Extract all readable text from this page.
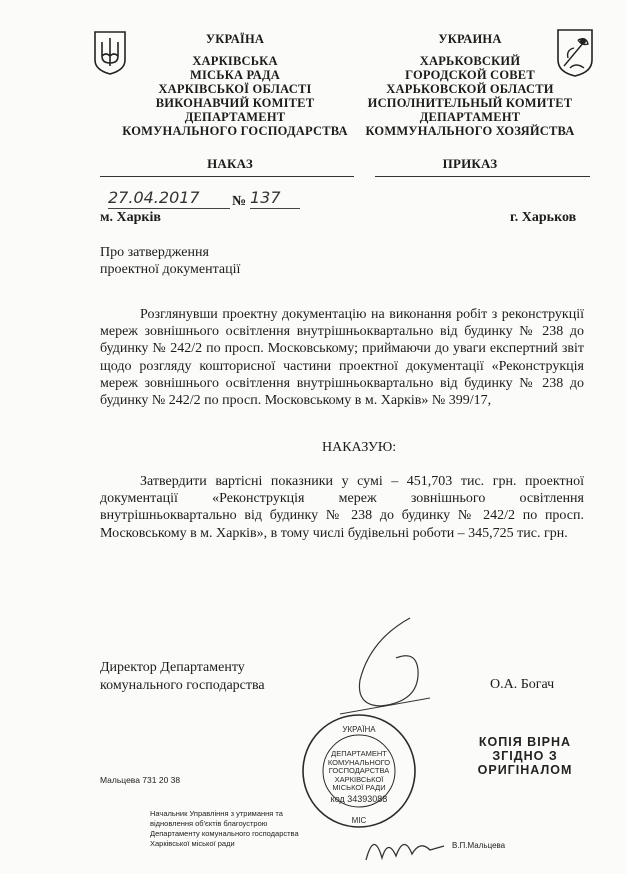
УКРАЇНА
ХАРКІВСЬКА
МІСЬКА РАДА
ХАРКІВСЬКОЇ ОБЛАСТІ
ВИКОНАВЧИЙ КОМІТЕТ
ДЕПАРТАМЕНТ
КОМУНАЛЬНОГО ГОСПОДАРСТВА
НАКАЗ
УКРАИНА
ХАРЬКОВСКИЙ
ГОРОДСКОЙ СОВЕТ
ХАРЬКОВСКОЙ ОБЛАСТИ
ИСПОЛНИТЕЛЬНЫЙ КОМИТЕТ
ДЕПАРТАМЕНТ
КОММУНАЛЬНОГО ХОЗЯЙСТВА
ПРИКАЗ
27.04.2017	№ 137
м. Харків	г. Харьков
Про затвердження
проектної документації
Розглянувши проектну документацію на виконання робіт з реконструкції мереж зовнішнього освітлення внутрішньоквартально від будинку № 238 до будинку № 242/2 по просп. Московському; приймаючи до уваги експертний звіт щодо розгляду кошторисної частини проектної документації «Реконструкція мереж зовнішнього освітлення внутрішньоквартально від будинку № 238 до будинку № 242/2 по просп. Московському в м. Харків» № 399/17,
НАКАЗУЮ:
Затвердити вартісні показники у сумі – 451,703 тис. грн. проектної документації «Реконструкція мереж зовнішнього освітлення внутрішньоквартально від будинку № 238 до будинку № 242/2 по просп. Московському в м. Харків», в тому числі будівельні роботи – 345,725 тис. грн.
Директор Департаменту
комунального господарства	О.А. Богач
УКРАЇНА
МІС
ДЕПАРТАМЕНТ
КОМУНАЛЬНОГО
ГОСПОДАРСТВА
ХАРКІВСЬКОЇ
МІСЬКОЇ РАДИ
код 34393088
КОПІЯ ВІРНА
ЗГІДНО З
ОРИГІНАЛОМ
Мальцева 731 20 38
Начальник Управління з утримання та
відновлення об'єктів благоустрою
Департаменту комунального господарства
Харківської міської ради	В.П.Мальцева
